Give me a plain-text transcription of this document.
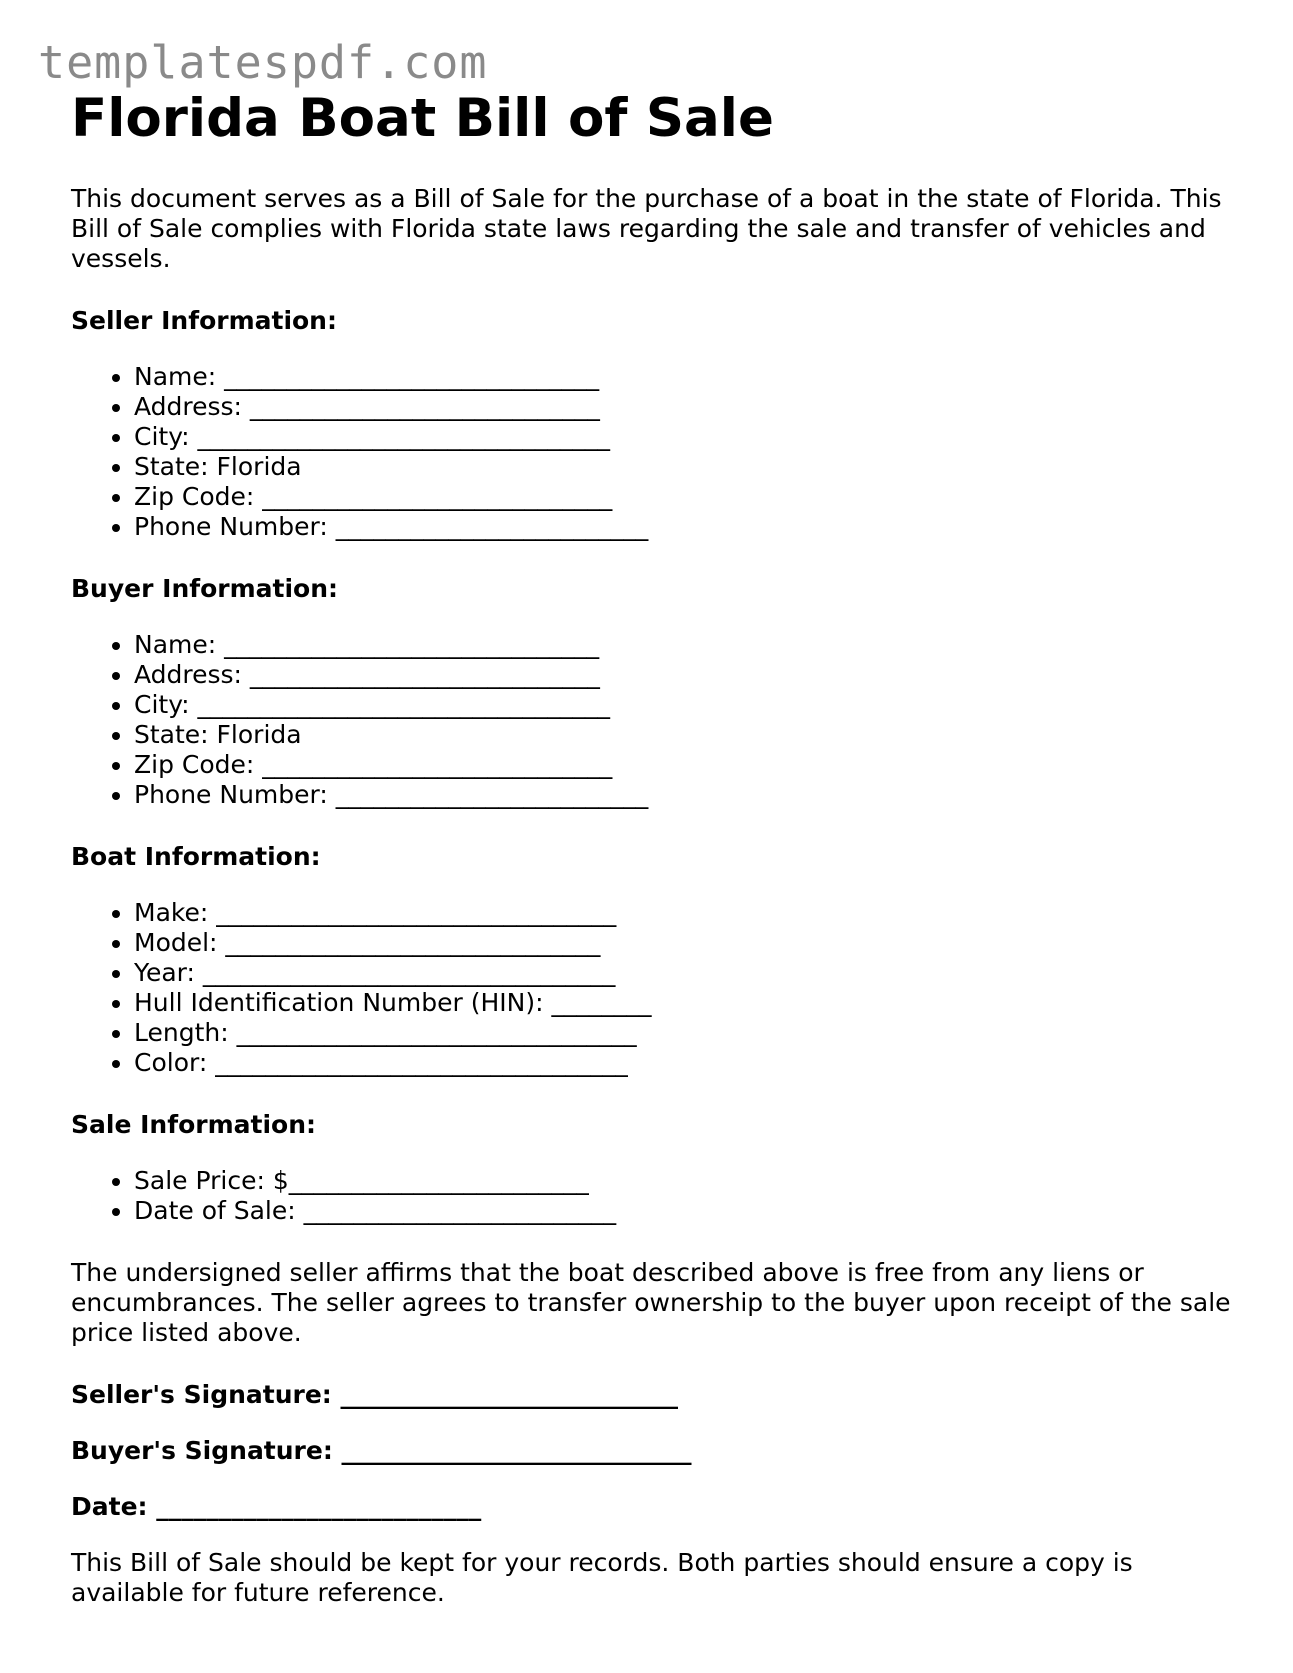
templatespdf.com
Florida Boat Bill of Sale

This document serves as a Bill of Sale for the purchase of a boat in the state of Florida. This Bill of Sale complies with Florida state laws regarding the sale and transfer of vehicles and vessels.

Seller Information:
• Name: ______________________________
• Address: ____________________________
• City: _________________________________
• State: Florida
• Zip Code: ____________________________
• Phone Number: _________________________
Buyer Information:
• Name: ______________________________
• Address: ____________________________
• City: _________________________________
• State: Florida
• Zip Code: ____________________________
• Phone Number: _________________________
Boat Information:
• Make: ________________________________
• Model: ______________________________
• Year: _________________________________
• Hull Identification Number (HIN): ________
• Length: ________________________________
• Color: _________________________________
Sale Information:
• Sale Price: $________________________
• Date of Sale: _________________________

The undersigned seller affirms that the boat described above is free from any liens or encumbrances. The seller agrees to transfer ownership to the buyer upon receipt of the sale price listed above.

Seller's Signature: ___________________________
Buyer's Signature: ____________________________
Date: __________________________

This Bill of Sale should be kept for your records. Both parties should ensure a copy is available for future reference.
